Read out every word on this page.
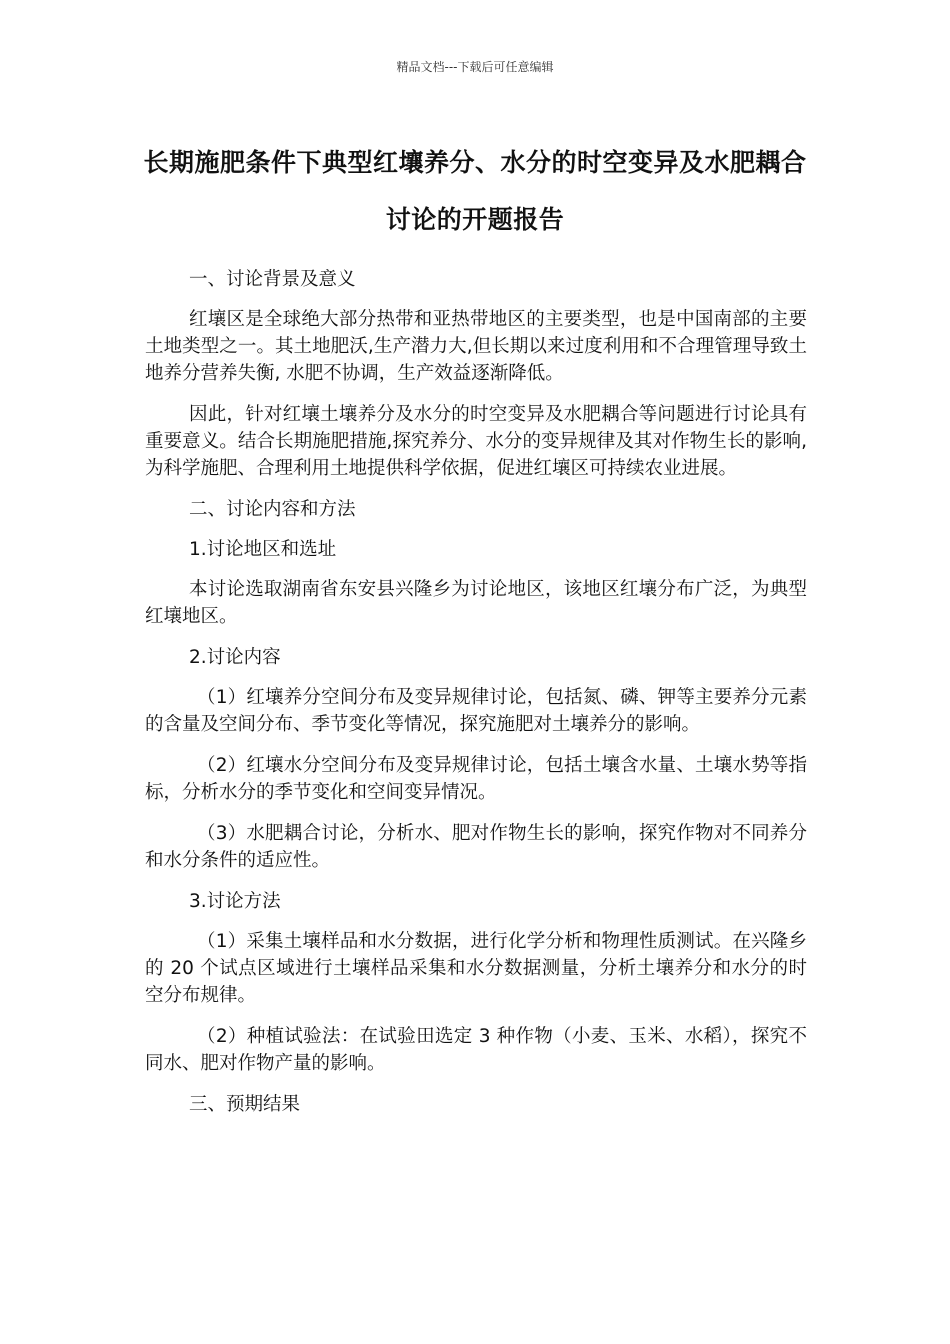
精品文档---下载后可任意编辑
长期施肥条件下典型红壤养分、水分的时空变异及水肥耦合讨论的开题报告

一、讨论背景及意义

红壤区是全球绝大部分热带和亚热带地区的主要类型，也是中国南部的主要土地类型之一。其土地肥沃,生产潜力大,但长期以来过度利用和不合理管理导致土地养分营养失衡, 水肥不协调，生产效益逐渐降低。

因此，针对红壤土壤养分及水分的时空变异及水肥耦合等问题进行讨论具有重要意义。结合长期施肥措施,探究养分、水分的变异规律及其对作物生长的影响, 为科学施肥、合理利用土地提供科学依据，促进红壤区可持续农业进展。

二、讨论内容和方法

1.讨论地区和选址

本讨论选取湖南省东安县兴隆乡为讨论地区，该地区红壤分布广泛，为典型红壤地区。

2.讨论内容

（1）红壤养分空间分布及变异规律讨论，包括氮、磷、钾等主要养分元素的含量及空间分布、季节变化等情况，探究施肥对土壤养分的影响。

（2）红壤水分空间分布及变异规律讨论，包括土壤含水量、土壤水势等指标，分析水分的季节变化和空间变异情况。

（3）水肥耦合讨论，分析水、肥对作物生长的影响，探究作物对不同养分和水分条件的适应性。

3.讨论方法

（1）采集土壤样品和水分数据，进行化学分析和物理性质测试。在兴隆乡的 20 个试点区域进行土壤样品采集和水分数据测量，分析土壤养分和水分的时空分布规律。

（2）种植试验法：在试验田选定 3 种作物（小麦、玉米、水稻），探究不同水、肥对作物产量的影响。

三、预期结果
